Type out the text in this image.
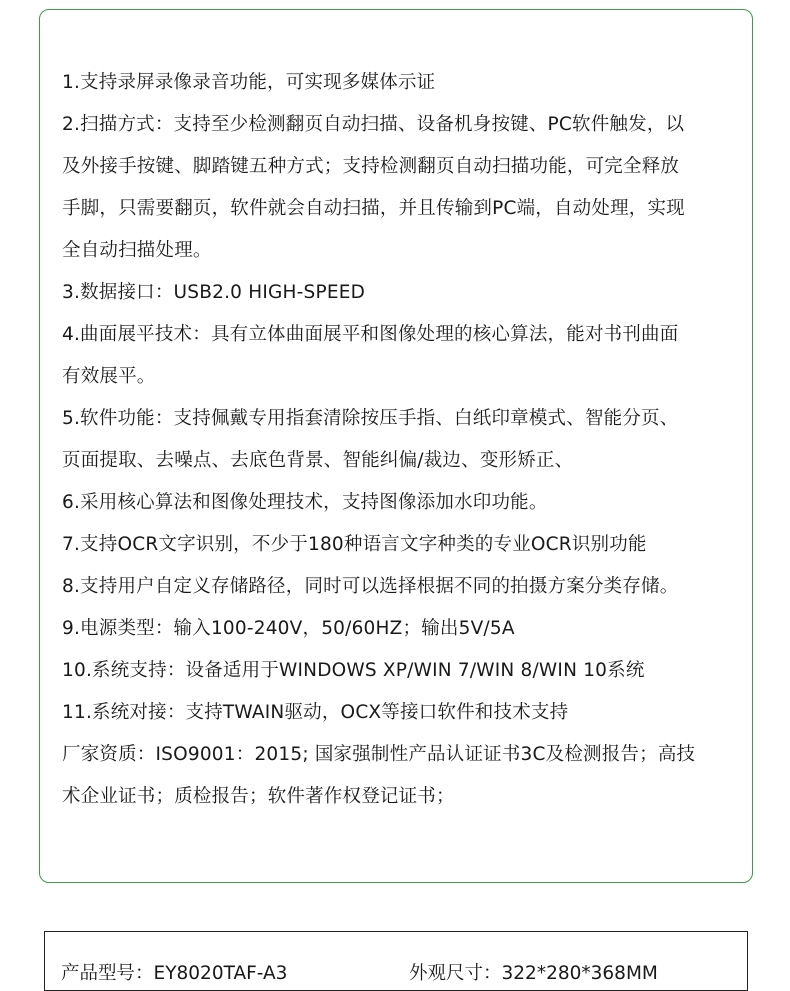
1.支持录屏录像录音功能，可实现多媒体示证
2.扫描方式：支持至少检测翻页自动扫描、设备机身按键、PC软件触发，以
及外接手按键、脚踏键五种方式；支持检测翻页自动扫描功能，可完全释放
手脚，只需要翻页，软件就会自动扫描，并且传输到PC端，自动处理，实现
全自动扫描处理。
3.数据接口：USB2.0 HIGH-SPEED
4.曲面展平技术：具有立体曲面展平和图像处理的核心算法，能对书刊曲面
有效展平。
5.软件功能：支持佩戴专用指套清除按压手指、白纸印章模式、智能分页、
页面提取、去噪点、去底色背景、智能纠偏/裁边、变形矫正、
6.采用核心算法和图像处理技术，支持图像添加水印功能。
7.支持OCR文字识别，不少于180种语言文字种类的专业OCR识别功能
8.支持用户自定义存储路径，同时可以选择根据不同的拍摄方案分类存储。
9.电源类型：输入100-240V，50/60HZ；输出5V/5A
10.系统支持：设备适用于WINDOWS XP/WIN 7/WIN 8/WIN 10系统
11.系统对接：支持TWAIN驱动，OCX等接口软件和技术支持
厂家资质：ISO9001：2015; 国家强制性产品认证证书3C及检测报告；高技
术企业证书；质检报告；软件著作权登记证书；
产品型号：EY8020TAF-A3	外观尺寸：322*280*368MM
